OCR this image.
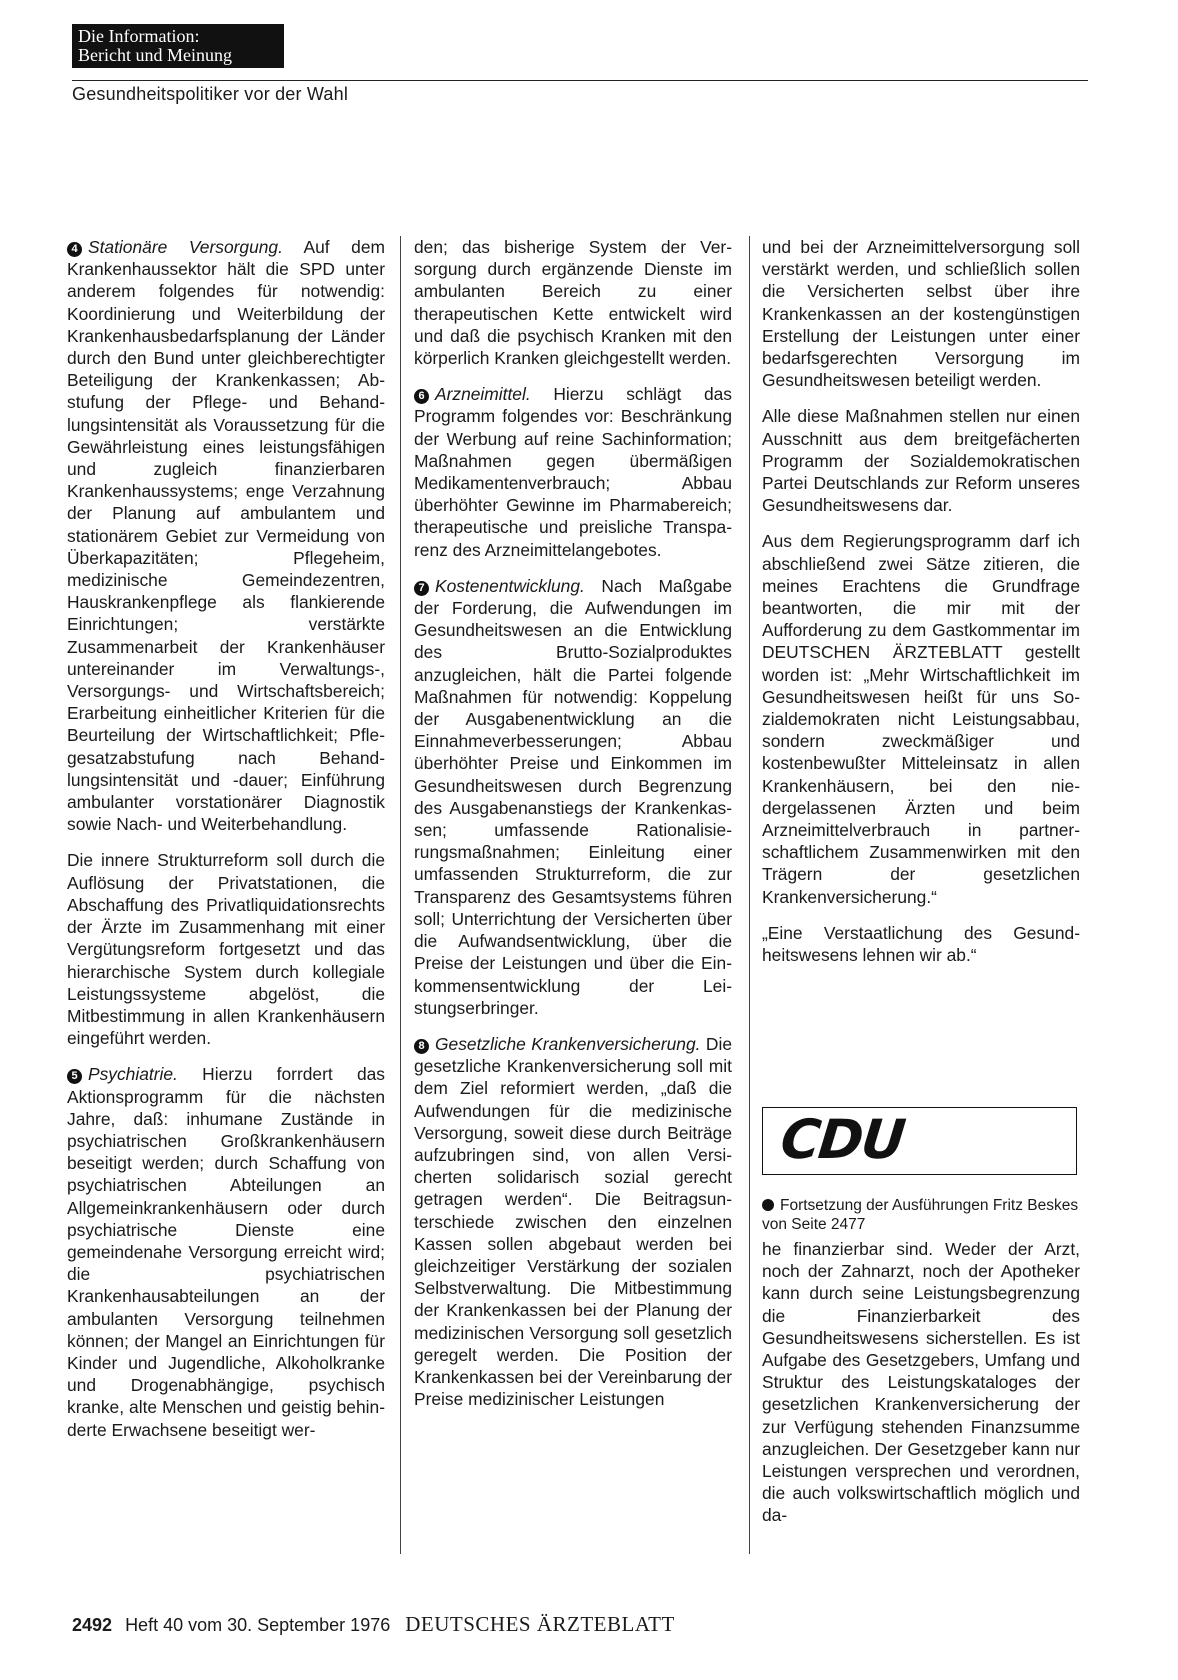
Die Information:
Bericht und Meinung
Gesundheitspolitiker vor der Wahl

4 Stationäre Versorgung. Auf dem Krankenhaussektor hält die SPD unter anderem folgendes für notwendig: Koordinierung und Weiterbildung der Krankenhausbedarfsplanung der Länder durch den Bund unter gleichberechtigter Beteiligung der Krankenkassen; Abstufung der Pflege- und Behandlungsintensität als Voraussetzung für die Gewährleistung eines leistungsfähigen und zugleich finanzierbaren Krankenhaussystems; enge Verzahnung der Planung auf ambulantem und stationärem Gebiet zur Vermeidung von Überkapazitäten; Pflegeheim, medizinische Gemeindezentren, Hauskrankenpflege als flankierende Einrichtungen; verstärkte Zusammenarbeit der Krankenhäuser untereinander im Verwaltungs-, Versorgungs- und Wirtschaftsbereich; Erarbeitung einheitlicher Kriterien für die Beurteilung der Wirtschaftlichkeit; Pflegesatzabstufung nach Behandlungsintensität und -dauer; Einführung ambulanter vorstationärer Diagnostik sowie Nach- und Weiterbehandlung.

Die innere Strukturreform soll durch die Auflösung der Privatstationen, die Abschaffung des Privatliquidationsrechts der Ärzte im Zusammenhang mit einer Vergütungsreform fortgesetzt und das hierarchische System durch kollegiale Leistungssysteme abgelöst, die Mitbestimmung in allen Krankenhäusern eingeführt werden.

5 Psychiatrie. Hierzu forrdert das Aktionsprogramm für die nächsten Jahre, daß: inhumane Zustände in psychiatrischen Großkrankenhäusern beseitigt werden; durch Schaffung von psychiatrischen Abteilungen an Allgemeinkrankenhäusern oder durch psychiatrische Dienste eine gemeindenahe Versorgung erreicht wird; die psychiatrischen Krankenhausabteilungen an der ambulanten Versorgung teilnehmen können; der Mangel an Einrichtungen für Kinder und Jugendliche, Alkoholkranke und Drogenabhängige, psychisch kranke, alte Menschen und geistig behinderte Erwachsene beseitigt wer-

den; das bisherige System der Versorgung durch ergänzende Dienste im ambulanten Bereich zu einer therapeutischen Kette entwickelt wird und daß die psychisch Kranken mit den körperlich Kranken gleichgestellt werden.

6 Arzneimittel. Hierzu schlägt das Programm folgendes vor: Beschränkung der Werbung auf reine Sachinformation; Maßnahmen gegen übermäßigen Medikamentenverbrauch; Abbau überhöhter Gewinne im Pharmabereich; therapeutische und preisliche Transparenz des Arzneimittelangebotes.

7 Kostenentwicklung. Nach Maßgabe der Forderung, die Aufwendungen im Gesundheitswesen an die Entwicklung des Brutto-Sozialproduktes anzugleichen, hält die Partei folgende Maßnahmen für notwendig: Koppelung der Ausgabenentwicklung an die Einnahmeverbesserungen; Abbau überhöhter Preise und Einkommen im Gesundheitswesen durch Begrenzung des Ausgabenanstiegs der Krankenkassen; umfassende Rationalisierungsmaßnahmen; Einleitung einer umfassenden Strukturreform, die zur Transparenz des Gesamtsystems führen soll; Unterrichtung der Versicherten über die Aufwandsentwicklung, über die Preise der Leistungen und über die Einkommensentwicklung der Leistungserbringer.

8 Gesetzliche Krankenversicherung. Die gesetzliche Krankenversicherung soll mit dem Ziel reformiert werden, „daß die Aufwendungen für die medizinische Versorgung, soweit diese durch Beiträge aufzubringen sind, von allen Versicherten solidarisch sozial gerecht getragen werden“. Die Beitragsunterschiede zwischen den einzelnen Kassen sollen abgebaut werden bei gleichzeitiger Verstärkung der sozialen Selbstverwaltung. Die Mitbestimmung der Krankenkassen bei der Planung der medizinischen Versorgung soll gesetzlich geregelt werden. Die Position der Krankenkassen bei der Vereinbarung der Preise medizinischer Leistungen

und bei der Arzneimittelversorgung soll verstärkt werden, und schließlich sollen die Versicherten selbst über ihre Krankenkassen an der kostengünstigen Erstellung der Leistungen unter einer bedarfsgerechten Versorgung im Gesundheitswesen beteiligt werden.

Alle diese Maßnahmen stellen nur einen Ausschnitt aus dem breitgefächerten Programm der Sozialdemokratischen Partei Deutschlands zur Reform unseres Gesundheitswesens dar.

Aus dem Regierungsprogramm darf ich abschließend zwei Sätze zitieren, die meines Erachtens die Grundfrage beantworten, die mir mit der Aufforderung zu dem Gastkommentar im DEUTSCHEN ÄRZTEBLATT gestellt worden ist: „Mehr Wirtschaftlichkeit im Gesundheitswesen heißt für uns Sozialdemokraten nicht Leistungsabbau, sondern zweckmäßiger und kostenbewußter Mitteleinsatz in allen Krankenhäusern, bei den niedergelassenen Ärzten und beim Arzneimittelverbrauch in partnerschaftlichem Zusammenwirken mit den Trägern der gesetzlichen Krankenversicherung.“

„Eine Verstaatlichung des Gesundheitswesens lehnen wir ab.“

CDU
Fortsetzung der Ausführungen Fritz Beskes von Seite 2477

he finanzierbar sind. Weder der Arzt, noch der Zahnarzt, noch der Apotheker kann durch seine Leistungsbegrenzung die Finanzierbarkeit des Gesundheitswesens sicherstellen. Es ist Aufgabe des Gesetzgebers, Umfang und Struktur des Leistungskataloges der gesetzlichen Krankenversicherung der zur Verfügung stehenden Finanzsumme anzugleichen. Der Gesetzgeber kann nur Leistungen versprechen und verordnen, die auch volkswirtschaftlich möglich und da-

2492 Heft 40 vom 30. September 1976 DEUTSCHES ÄRZTEBLATT
